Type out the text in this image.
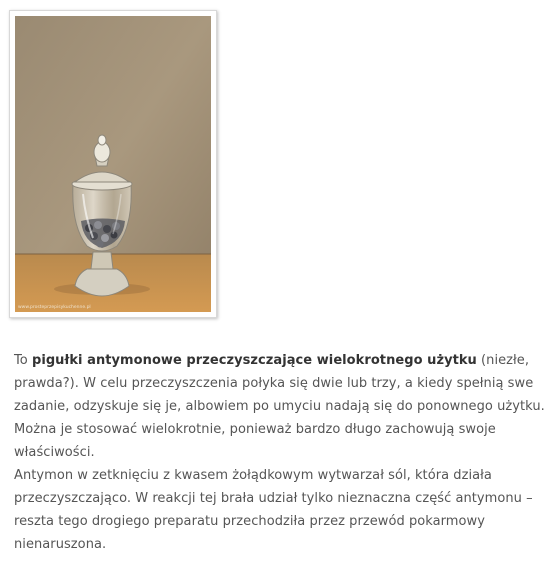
www.prosteprzepisykuchenne.pl

To pigułki antymonowe przeczyszczające wielokrotnego użytku (niezłe, prawda?). W celu przeczyszczenia połyka się dwie lub trzy, a kiedy spełnią swe zadanie, odzyskuje się je, albowiem po umyciu nadają się do ponownego użytku. Można je stosować wielokrotnie, ponieważ bardzo długo zachowują swoje właściwości.

Antymon w zetknięciu z kwasem żołądkowym wytwarzał sól, która działa przeczyszczająco. W reakcji tej brała udział tylko nieznaczna część antymonu – reszta tego drogiego preparatu przechodziła przez przewód pokarmowy nienaruszona.
